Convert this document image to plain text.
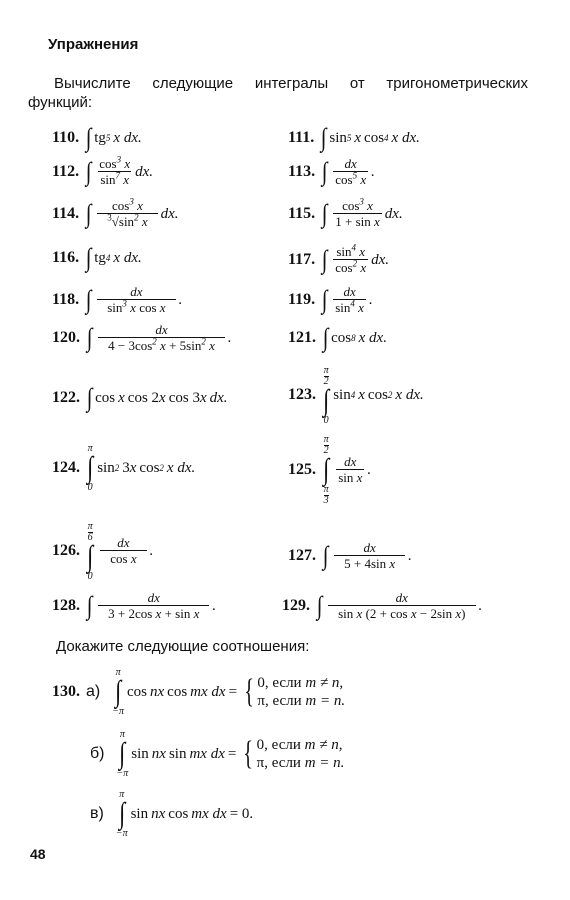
Упражнения
Вычислите следующие интегралы от тригонометрических
функций:
110. ∫ tg 5 x dx.	111. ∫ sin 5 x cos 4 x dx.
112. ∫ $\frac{\cos^3 x}{\sin^7 x}$ dx.	113. ∫ $\frac{dx}{\cos^5 x}$ .
114. ∫ $\frac{\cos^3 x}{^3√\sin^2 x}$ dx.	115. ∫ $\frac{\cos^3 x}{\text{1 + sin x}}$ dx.
116. ∫ tg 4 x dx.	117. ∫ $\frac{\sin^4 x}{\cos^2 x}$ dx.
118. ∫ $\frac{dx}{\sin^3 x \cos x}$ .	119. ∫ $\frac{dx}{\sin^4 x}$ .
120. ∫ $\frac{dx}{4 - 3\cos^2 x + 5\sin^2 x}$ .	121. ∫ cos 8 x dx.
122. ∫ cos x cos 2 x cos 3 x dx.	123.
$\frac{\pi}{2}$
∫
0
sin 4 x cos 2 x dx.
124.
π
∫
0
sin 2 3 x cos 2 x dx.	125.
$\frac{\pi}{2}$
∫
$\frac{\pi}{3}$
$\frac{dx}{\text{sin x}}$ .
126.
$\frac{\pi}{6}$
∫
0
$\frac{dx}{\text{cos x}}$ .	127. ∫ $\frac{dx}{\text{5 + 4sin x}}$ .
128. ∫ $\frac{dx}{\text{3 + 2cos x + sin x}}$ .	129. ∫ $\frac{dx}{\text{sin x (2 + cos x − 2sin x)}}$ .
Докажите следующие соотношения:
130. а)
π
∫
−π
cos nx cos mx dx = { 0, если m ≠ n,
π, если m = n.
б)
π
∫
−π
sin nx sin mx dx = { 0, если m ≠ n,
π, если m = n.
в)
π
∫
−π
sin nx cos mx dx = 0.
48
